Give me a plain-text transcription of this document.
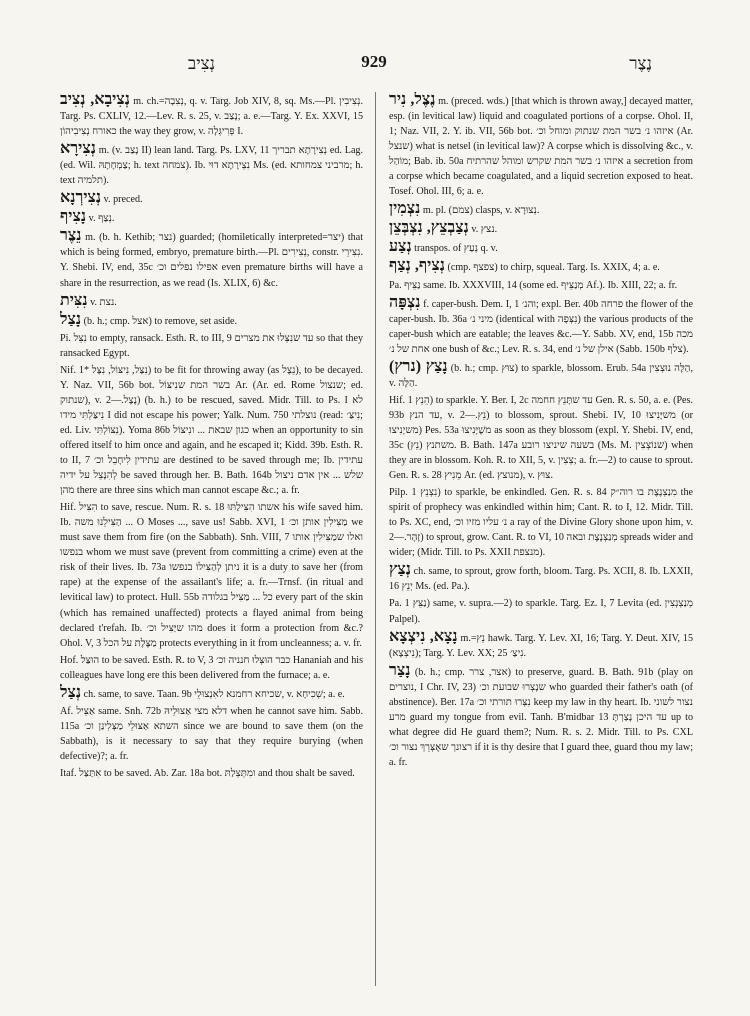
נְצִיב	929	נֶצֶר

נְצִיבָא, נְצִיב m. ch.=נְצִבָה, q. v. Targ. Job XIV, 8, sq. Ms.—Pl. נְצִיבִין. Targ. Ps. CXLIV, 12.—Lev. R. s. 25, v. נָצַב; a. e.—Targ. Y. Ex. XXVI, 15 כאורח נְצִיבִיהוֹן the way they grow, v. פְּרִיגְּלָה I.

נְצִירָא m. (v. נָצַב II) lean land. Targ. Ps. LXV, 11 נְצִירָתָא תבריך ed. Lag. (ed. Wil. צַמְחָתָהּ; h. text צמחה). Ib. נִצְירָתָא דוּי Ms. (ed. מרביני צמחותא; h. text תלמיה).

נְצִירְנָא v. preced.

נָצִיף v. נְצַף.

נֵצֶר m. (b. h. Kethib; נצר) guarded; (homiletically interpreted=יצר) that which is being formed, embryo, premature birth.—Pl. נְצִירִים, constr. נִצִירֵי. Y. Shebi. IV, end, 35c אפילו נפלים וכ׳ even premature births will have a share in the resurrection, as we read (Is. XLIX, 6) &c.

נִצִּית v. נצת.

נָצַל (b. h.; cmp. אצל) to remove, set aside.

Pi. נִצֵּל to empty, ransack. Esth. R. to III, 9 עד שנִצְּלוּ את מצרים so that they ransacked Egypt.

Nif. נִצַּל, נִיצּוֹל, נִצָּל *1) to be fit for throwing away (as נֵצֶל), to be decayed. Y. Naz. VII, 56b bot. בשר המת שנִיצּוֹל Ar. (Ar. ed. Rome שנצול; ed. שנתוק), v. נֶצֶל.—2) (b. h.) to be rescued, saved. Midr. Till. to Ps. I לא נִיצַּלְתִּי מידו I did not escape his power; Yalk. Num. 750 נוצלתי (read: נִיצַּ׳; ed. Liv. נִצּוֹלְתִּי). Yoma 86b כגון שבאת ... ונִיצּוֹל when an opportunity to sin offered itself to him once and again, and he escaped it; Kidd. 39b. Esth. R. to II, 7 עתידין לִיחָבֵל וכ׳ are destined to be saved through me; Ib. עתידין לְהִנָּצֵל על ידיה be saved through her. B. Bath. 164b שלש ... אין אדם ניצול מהן there are three sins which man cannot escape &c.; a. fr.

Hif. הִצִּיל to save, rescue. Num. R. s. 18 אשתו הִצִּילַתּוּ his wife saved him. Ib. הַצִּילֵנוּ משה ... O Moses ..., save us! Sabb. XVI, 1 מַצִּילִין אותן וכ׳ we must save them from fire (on the Sabbath). Snh. VIII, 7 ואלו שמַצִּילִין אותו בנפשו whom we must save (prevent from committing a crime) even at the risk of their lives. Ib. 73a ניתן לְהַצִּילוֹ בנפשו it is a duty to save her (from rape) at the expense of the assailant's life; a. fr.—Trnsf. (in ritual and levitical law) to protect. Hull. 55b כל ... מַצִּיל בגלודה every part of the skin (which has remained unaffected) protects a flayed animal from being declared t'refah. Ib. מהו שיַּצִּיל וכ׳ does it form a protection from &c.? Ohol. V, 3 מַצֶּלֶת על הכל protects everything in it from uncleanness; a. v. fr.

Hof. הוּצַּל to be saved. Esth. R. to V, 3 כבר הוּצְּלוּ חנניה וכ׳ Hananiah and his colleagues have long ere this been delivered from the furnace; a. e.

נְצַל ch. same, to save. Taan. 9b שכיחא רחמנא לאִנְצוּלֵי, v. שְׁכִיחָא; a. e.

Af. אַצֵּיל same. Snh. 72b דלא מצי אַצוּלֵיהּ when he cannot save him. Sabb. 115a השתא אַצּוּלֵי מַצְּלִינַן וכ׳ since we are bound to save them (on the Sabbath), is it necessary to say that they require burying (when defective)?; a. fr.

Itaf. אִתַּצַּל to be saved. Ab. Zar. 18a bot. ומִתְּצְלַתּ and thou shalt be saved.

נֶצֶל, נִיר m. (preced. wds.) [that which is thrown away,] decayed matter, esp. (in levitical law) liquid and coagulated portions of a corpse. Ohol. II, 1; Naz. VII, 2. Y. ib. VII, 56b bot. איזהו נ׳ בשר המת שנתוק ומוחל וכ׳ (Ar. שנצל) what is netsel (in levitical law)? A corpse which is dissolving &c., v. מוֹהַל; Bab. ib. 50a איזהו נ׳ בשר המת שקרש ומוהל שהרתיח a secretion from a corpse which became coagulated, and a liquid secretion exposed to heat. Tosef. Ohol. III, 6; a. e.

נִצְמִין m. pl. (צמם) clasps, v. נְצוּרָא.

נְצַבְצֵץ, נִצְבְּצֵן v. נצץ.

נְצַע transpos. of נְעַץ q. v.

נְצִיף, נְצַף (cmp. צפצף) to chirp, squeal. Targ. Is. XXIX, 4; a. e.

Pa. נַצֵּיף same. Ib. XXXVIII, 14 (some ed. מְנַצֵּיף Af.). Ib. XIII, 22; a. fr.

נִצְפָּה f. caper-bush. Dem. I, 1 והנ׳; expl. Ber. 40b פרחה the flower of the caper-bush. Ib. 36a מיני נ׳ (identical with נִצְּפָה) the various products of the caper-bush which are eatable; the leaves &c.—Y. Sabb. XV, end, 15b מכה אחת של נ׳ one bush of &c.; Lev. R. s. 34, end אילן של נ׳ (Sabb. 150b צלף).

(נרץ) נָצַץ (b. h.; cmp. צוּץ) to sparkle, blossom. Erub. 54a הַלָּה נוּצְצִין, v. הַלָּה.

Hif. הֵנֵץ 1) to sparkle. Y. Ber. I, 2c עד שתָּנֵץ חחמה Gen. R. s. 50, a. e. (Pes. 93b עד הנץ, v. נֵץ.—2) to blossom, sprout. Shebi. IV, 10 משיָּנִיצוּ (or משיָנִיצוּ) Pes. 53a משֶׁיָּנִיצוּ as soon as they blossom (expl. Y. Shebi. IV, end, 35c משתנץ (נֵץ). B. Bath. 147a בשעה שיניצו רובע (Ms. M. שנוֹצְצִין) when they are in blossom. Koh. R. to XII, 5, v. צְצִין; a. fr.—2) to cause to sprout. Gen. R. s. 28 מֵנִיץ Ar. (ed. מנוצץ), v. צוּץ.

Pilp. נִצְנֵץ 1) to sparkle, be enkindled. Gen. R. s. 84 מִנַצְנֶצֶת בו רוה״ק the spirit of prophecy was enkindled within him; Cant. R. to I, 12. Midr. Till. to Ps. XC, end, נ׳ עליו מזיו וכ׳ a ray of the Divine Glory shone upon him, v. זָהָר.—2) to sprout, grow. Cant. R. to VI, 10 מְנַצְנֶצֶת ובאה spreads wider and wider; (Midr. Till. to Ps. XXII מנצפת).

נְצַץ ch. same, to sprout, grow forth, bloom. Targ. Ps. XCII, 8. Ib. LXXII, 16 יְנֵץ Ms. (ed. Pa.).

Pa. נַצֵּץ 1) same, v. supra.—2) to sparkle. Targ. Ez. I, 7 Levita (ed. מְנַצְנְצִין Palpel).

נָצָא, נִיצְצָא m.=נֵץ hawk. Targ. Y. Lev. XI, 16; Targ. Y. Deut. XIV, 15 (נִיצְצָא); Targ. Y. Lev. XX; 25 נִיצַ׳.

נָצַר (b. h.; cmp. אצר, צרר) to preserve, guard. B. Bath. 91b (play on נוצרים, I Chr. IV, 23) שנָצְרוּ שבועת וכ׳ who guarded their father's oath (of abstinence). Ber. 17a נִצְּרוּ תורתי וכ׳ keep my law in thy heart. Ib. נצור לשוני מרע guard my tongue from evil. Tanh. B'midbar 13 עד היכן נָצַרְתָּ up to what degree did He guard them?; Num. R. s. 2. Midr. Till. to Ps. CXL רצונך שאֶצְּרֵךְ נצור וכ׳ if it is thy desire that I guard thee, guard thou my law; a. fr.
